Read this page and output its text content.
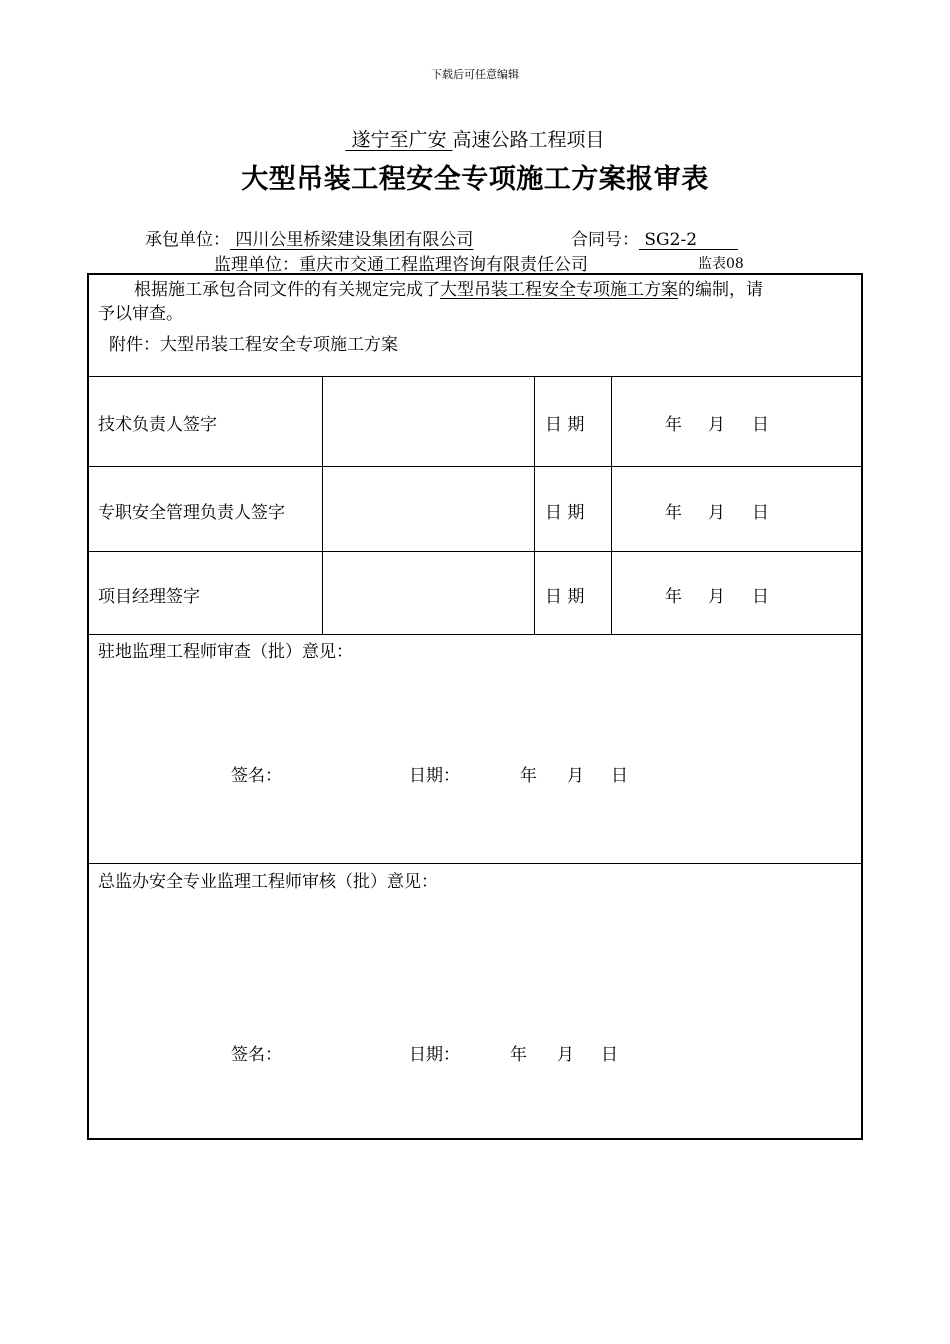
下载后可任意编辑
遂宁至广安 高速公路工程项目
大型吊装工程安全专项施工方案报审表
承包单位： 四川公里桥梁建设集团有限公司	合同号： SG2-2
监理单位：重庆市交通工程监理咨询有限责任公司	监表08
根据施工承包合同文件的有关规定完成了大型吊装工程安全专项施工方案的编制，请
予以审查。
附件：大型吊装工程安全专项施工方案
技术负责人签字	日 期	年 月 日
专职安全管理负责人签字	日 期	年 月 日
项目经理签字	日 期	年 月 日
驻地监理工程师审查（批）意见：
签名：	日期：	年 月 日
总监办安全专业监理工程师审核（批）意见：
签名：	日期：	年 月 日
